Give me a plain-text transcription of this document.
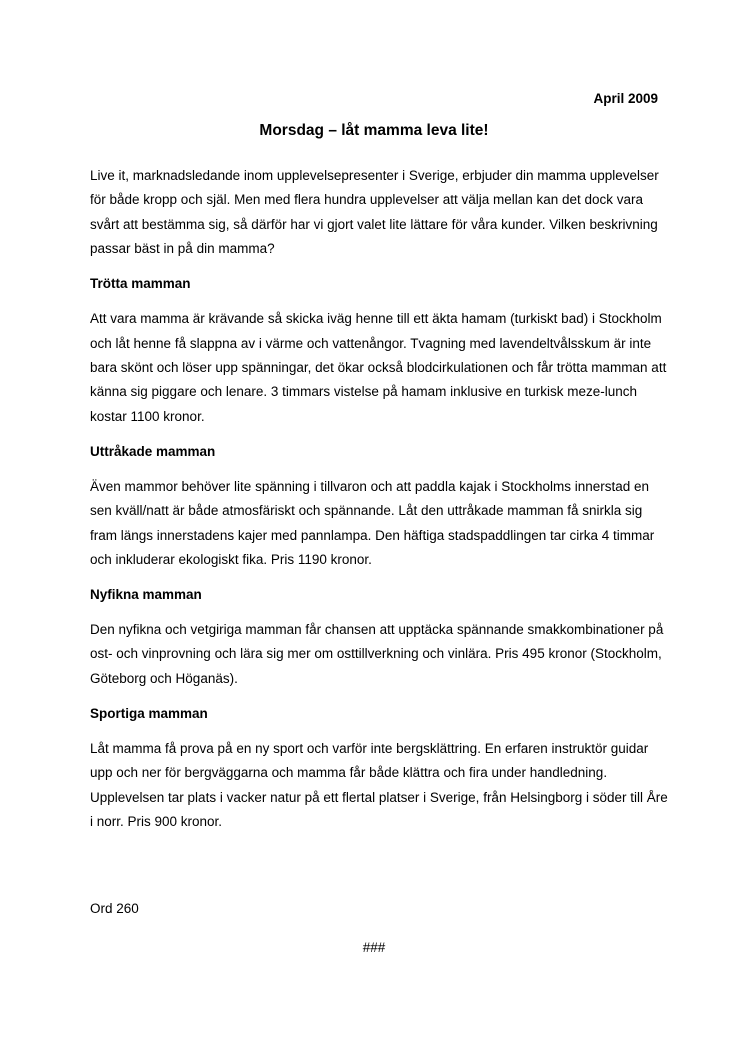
April 2009
Morsdag – låt mamma leva lite!

Live it, marknadsledande inom upplevelsepresenter i Sverige, erbjuder din mamma upplevelser för både kropp och själ. Men med flera hundra upplevelser att välja mellan kan det dock vara svårt att bestämma sig, så därför har vi gjort valet lite lättare för våra kunder. Vilken beskrivning passar bäst in på din mamma?

Trötta mamman

Att vara mamma är krävande så skicka iväg henne till ett äkta hamam (turkiskt bad) i Stockholm och låt henne få slappna av i värme och vattenångor. Tvagning med lavendeltvålsskum är inte bara skönt och löser upp spänningar, det ökar också blodcirkulationen och får trötta mamman att känna sig piggare och lenare. 3 timmars vistelse på hamam inklusive en turkisk meze-lunch kostar 1100 kronor.

Uttråkade mamman

Även mammor behöver lite spänning i tillvaron och att paddla kajak i Stockholms innerstad en sen kväll/natt är både atmosfäriskt och spännande. Låt den uttråkade mamman få snirkla sig fram längs innerstadens kajer med pannlampa. Den häftiga stadspaddlingen tar cirka 4 timmar och inkluderar ekologiskt fika. Pris 1190 kronor.

Nyfikna mamman

Den nyfikna och vetgiriga mamman får chansen att upptäcka spännande smakkombinationer på ost- och vinprovning och lära sig mer om osttillverkning och vinlära. Pris 495 kronor (Stockholm, Göteborg och Höganäs).

Sportiga mamman

Låt mamma få prova på en ny sport och varför inte bergsklättring. En erfaren instruktör guidar upp och ner för bergväggarna och mamma får både klättra och fira under handledning. Upplevelsen tar plats i vacker natur på ett flertal platser i Sverige, från Helsingborg i söder till Åre i norr. Pris 900 kronor.

Ord 260
###
